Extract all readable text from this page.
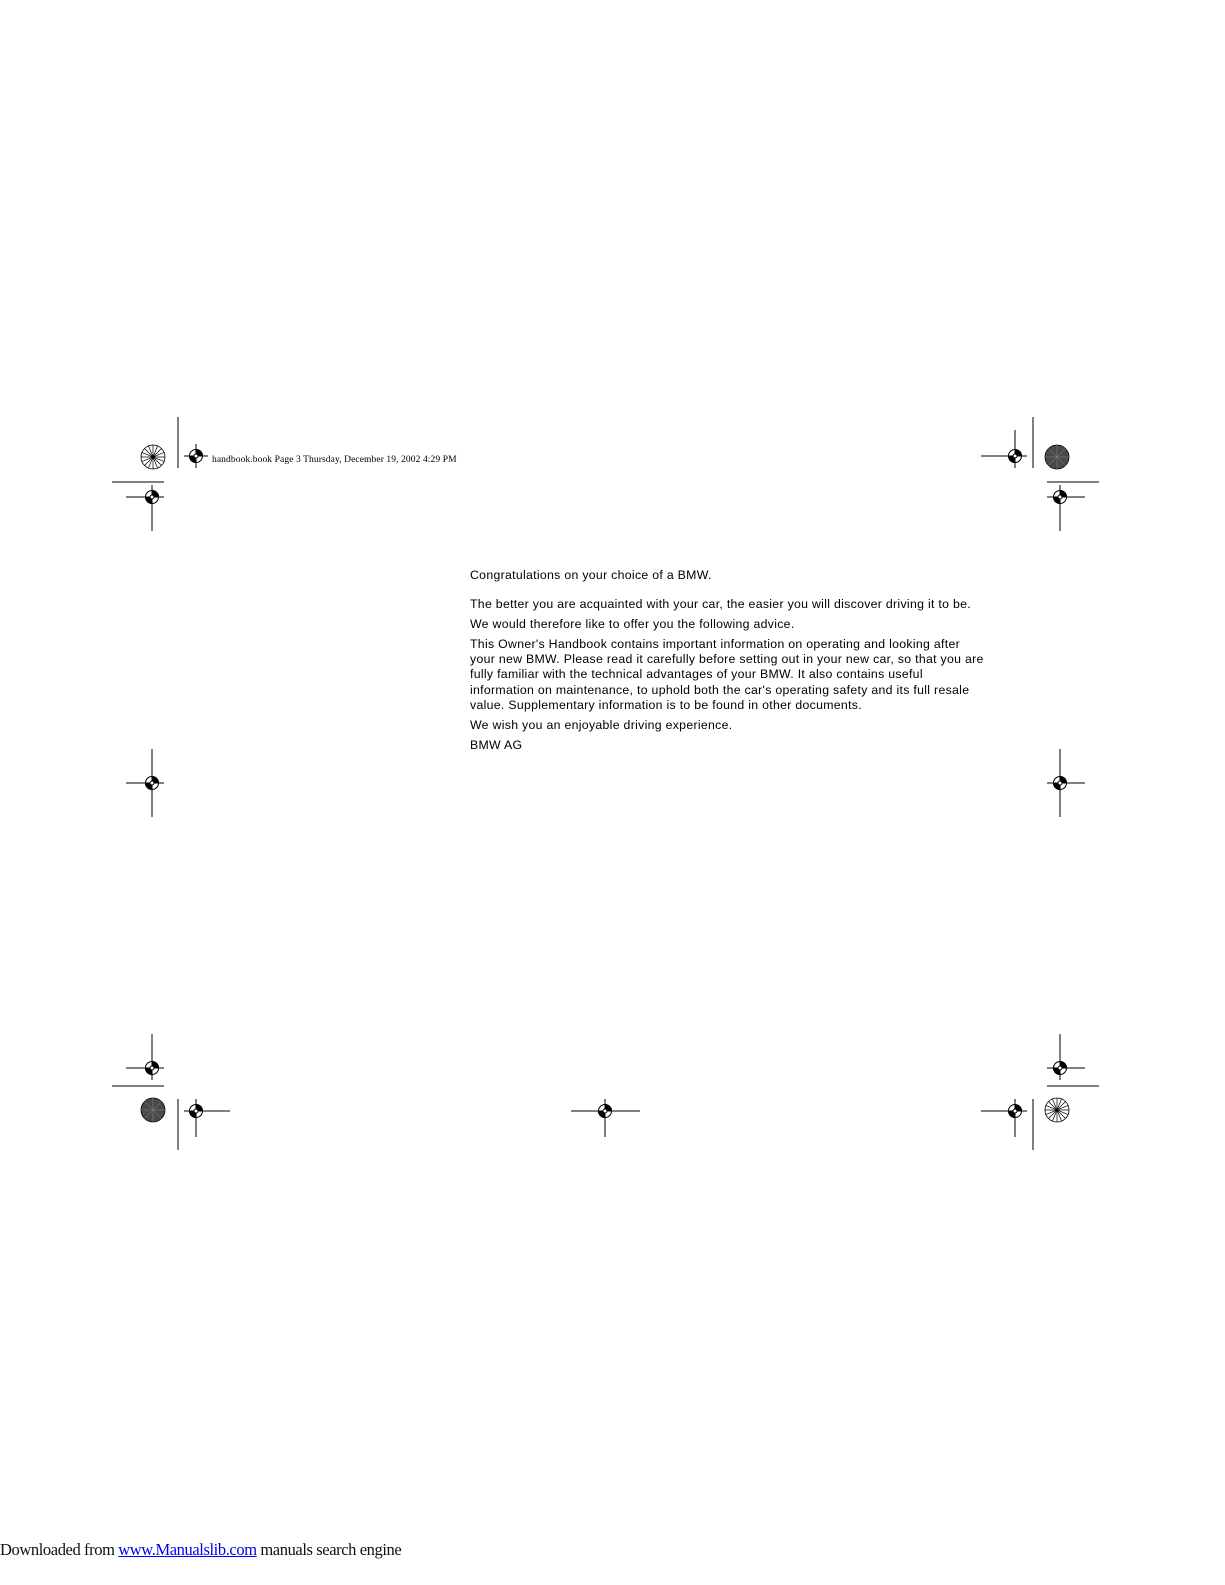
handbook.book Page 3 Thursday, December 19, 2002 4:29 PM

Congratulations on your choice of a BMW.

The better you are acquainted with your car, the easier you will discover driving it to be.

We would therefore like to offer you the following advice.

This Owner's Handbook contains important information on operating and looking after your new BMW. Please read it carefully before setting out in your new car, so that you are fully familiar with the technical advantages of your BMW. It also contains useful information on maintenance, to uphold both the car's operating safety and its full resale value. Supplementary information is to be found in other documents.

We wish you an enjoyable driving experience.

BMW AG

Downloaded from www.Manualslib.com manuals search engine
